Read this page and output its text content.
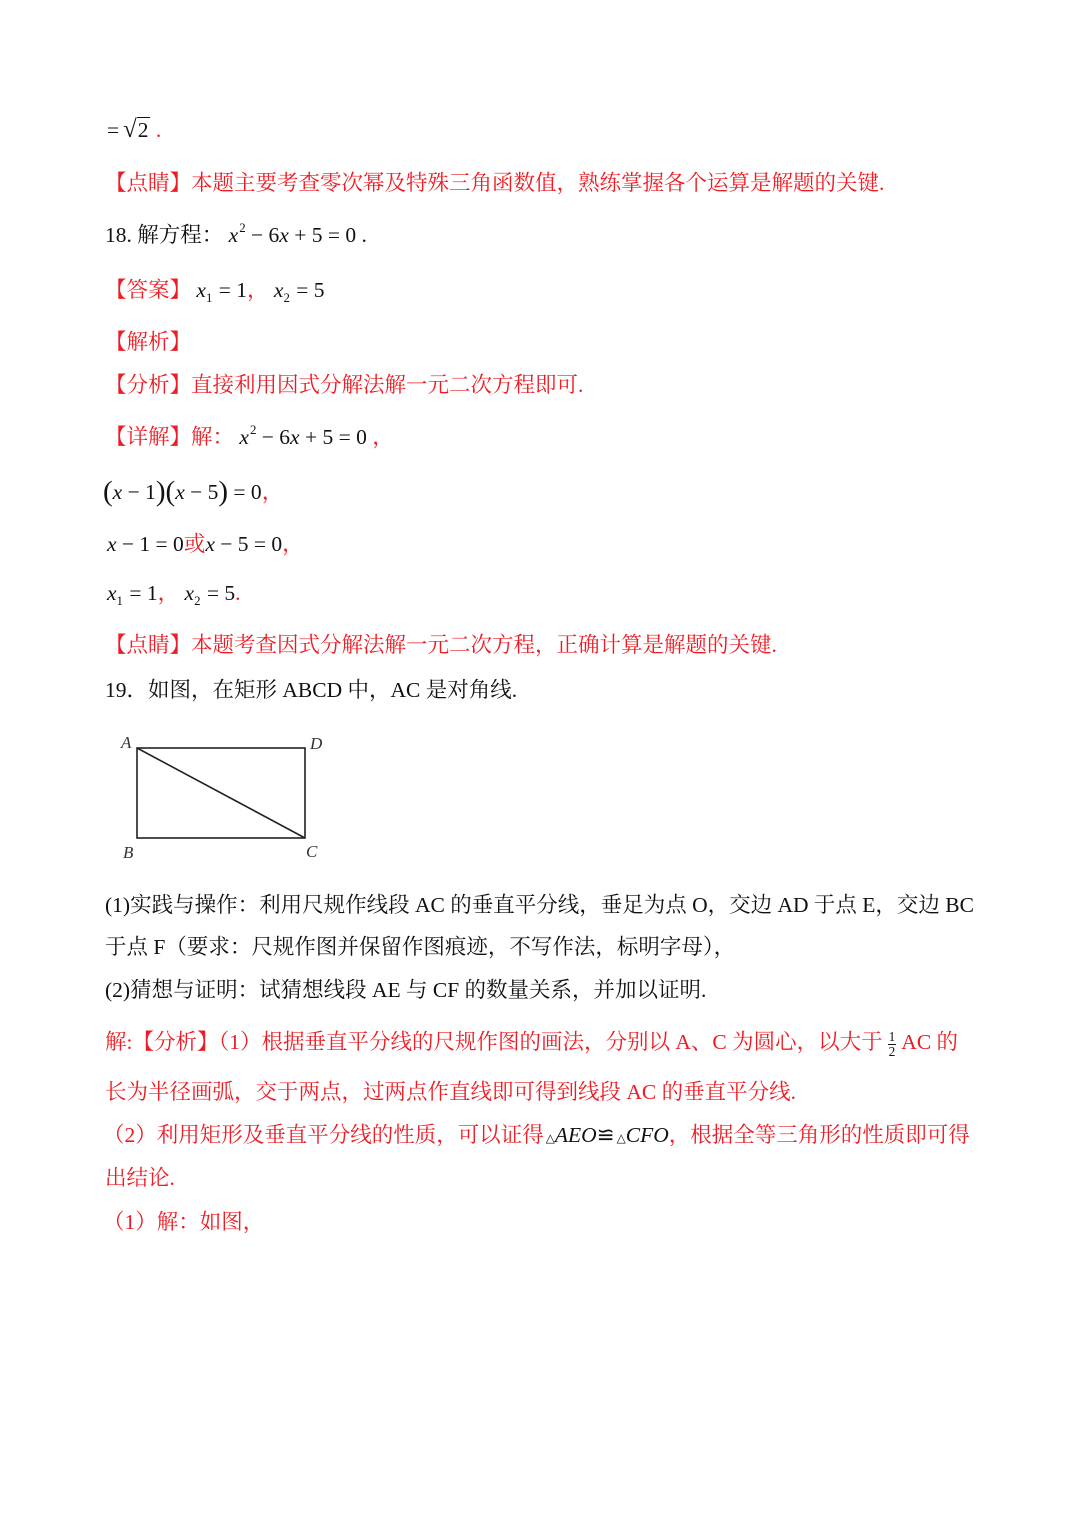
= √2 .
【点睛】本题主要考查零次幂及特殊三角函数值，熟练掌握各个运算是解题的关键.
18. 解方程： $x^2 - 6x + 5 = 0$ .
【答案】 $x_1 = 1$， $x_2 = 5$
【解析】
【分析】直接利用因式分解法解一元二次方程即可.
【详解】解： $x^2 - 6x + 5 = 0$ ，
(x − 1)(x − 5) = 0，
x − 1 = 0或x − 5 = 0，
$x_1 = 1$， $x_2 = 5$.
【点睛】本题考查因式分解法解一元二次方程，正确计算是解题的关键.
19．如图，在矩形 ABCD 中，AC 是对角线.
A	D
B	C
(1)实践与操作：利用尺规作线段 AC 的垂直平分线，垂足为点 O，交边 AD 于点 E，交边 BC
于点 F（要求：尺规作图并保留作图痕迹，不写作法，标明字母），
(2)猜想与证明：试猜想线段 AE 与 CF 的数量关系，并加以证明.
解:【分析】（1）根据垂直平分线的尺规作图的画法，分别以 A、C 为圆心，以大于 $\frac{1}{2}$ AC 的
长为半径画弧，交于两点，过两点作直线即可得到线段 AC 的垂直平分线.
（2）利用矩形及垂直平分线的性质，可以证得 △AEO≌ △CFO，根据全等三角形的性质即可得
出结论.
（1）解：如图，
